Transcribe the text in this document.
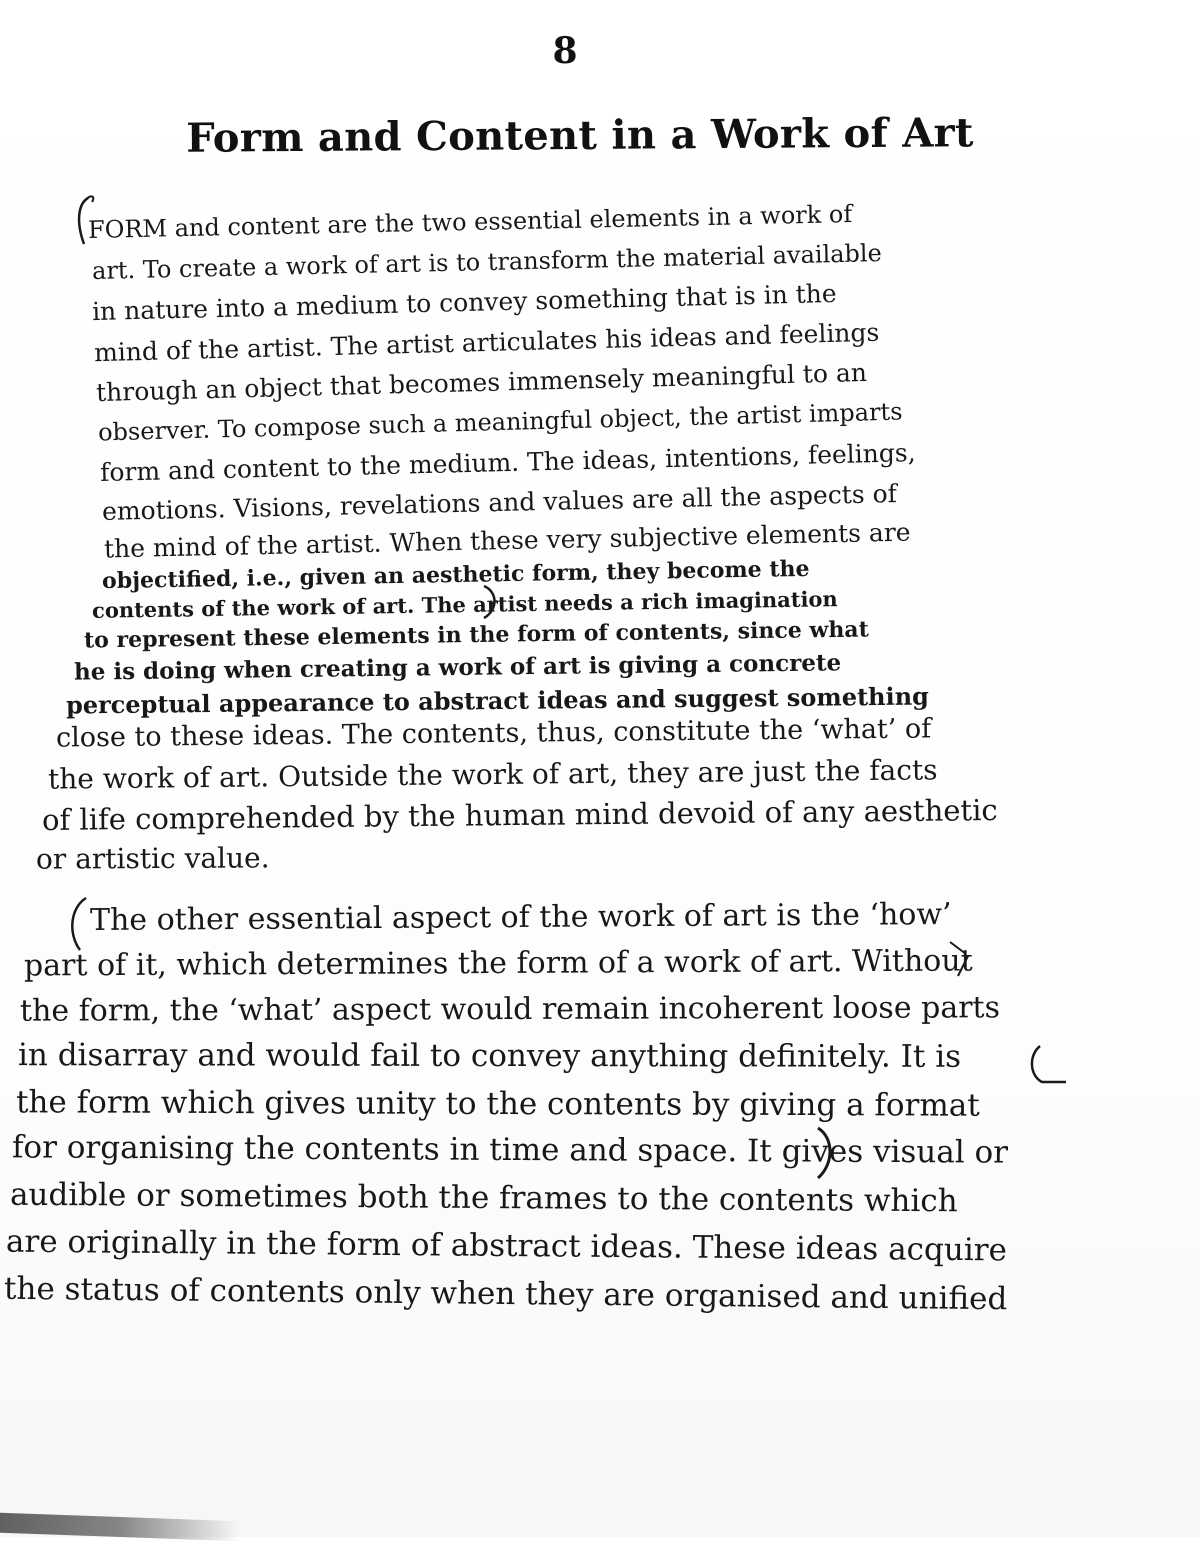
8
Form and Content in a Work of Art
FORM and content are the two essential elements in a work of
art. To create a work of art is to transform the material available
in nature into a medium to convey something that is in the
mind of the artist. The artist articulates his ideas and feelings
through an object that becomes immensely meaningful to an
observer. To compose such a meaningful object, the artist imparts
form and content to the medium. The ideas, intentions, feelings,
emotions. Visions, revelations and values are all the aspects of
the mind of the artist. When these very subjective elements are
objectified, i.e., given an aesthetic form, they become the
contents of the work of art. The artist needs a rich imagination
to represent these elements in the form of contents, since what
he is doing when creating a work of art is giving a concrete
perceptual appearance to abstract ideas and suggest something
close to these ideas. The contents, thus, constitute the ‘what’ of
the work of art. Outside the work of art, they are just the facts
of life comprehended by the human mind devoid of any aesthetic
or artistic value.
The other essential aspect of the work of art is the ‘how’
part of it, which determines the form of a work of art. Without
the form, the ‘what’ aspect would remain incoherent loose parts
in disarray and would fail to convey anything definitely. It is
the form which gives unity to the contents by giving a format
for organising the contents in time and space. It gives visual or
audible or sometimes both the frames to the contents which
are originally in the form of abstract ideas. These ideas acquire
the status of contents only when they are organised and unified
